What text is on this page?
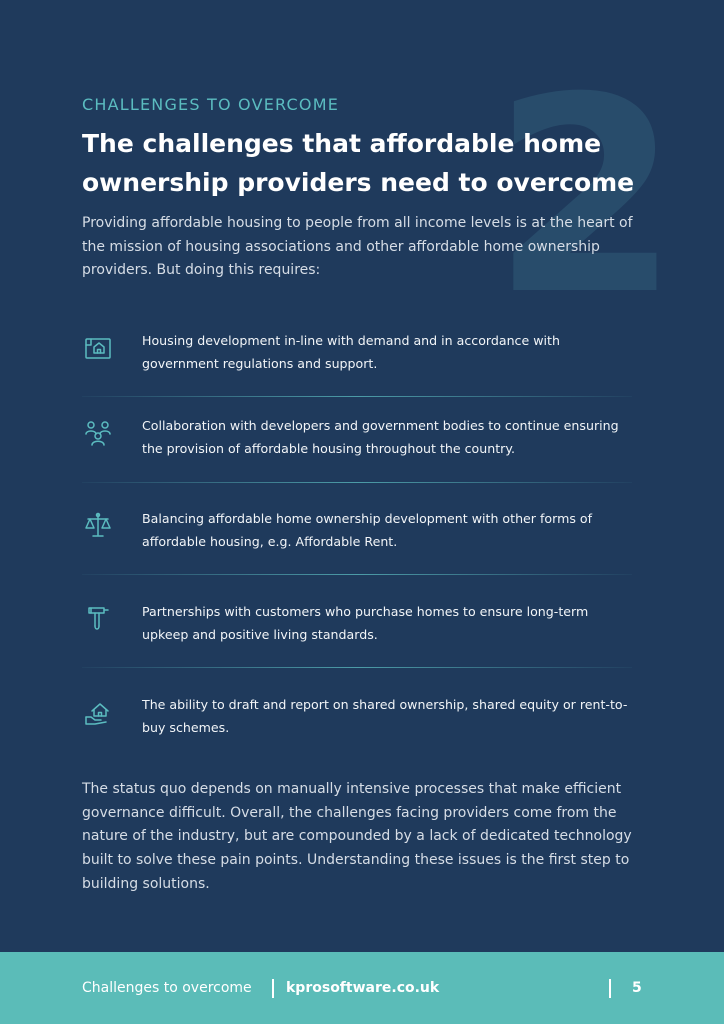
2
CHALLENGES TO OVERCOME
The challenges that affordable home ownership providers need to overcome

Providing affordable housing to people from all income levels is at the heart of the mission of housing associations and other affordable home ownership providers. But doing this requires:

Housing development in-line with demand and in accordance with government regulations and support.

Collaboration with developers and government bodies to continue ensuring the provision of affordable housing throughout the country.

Balancing affordable home ownership development with other forms of affordable housing, e.g. Affordable Rent.

Partnerships with customers who purchase homes to ensure long-term upkeep and positive living standards.

The ability to draft and report on shared ownership, shared equity or rent-to-buy schemes.

The status quo depends on manually intensive processes that make efficient governance difficult. Overall, the challenges facing providers come from the nature of the industry, but are compounded by a lack of dedicated technology built to solve these pain points. Understanding these issues is the first step to building solutions.

Challenges to overcome kprosoftware.co.uk	5
